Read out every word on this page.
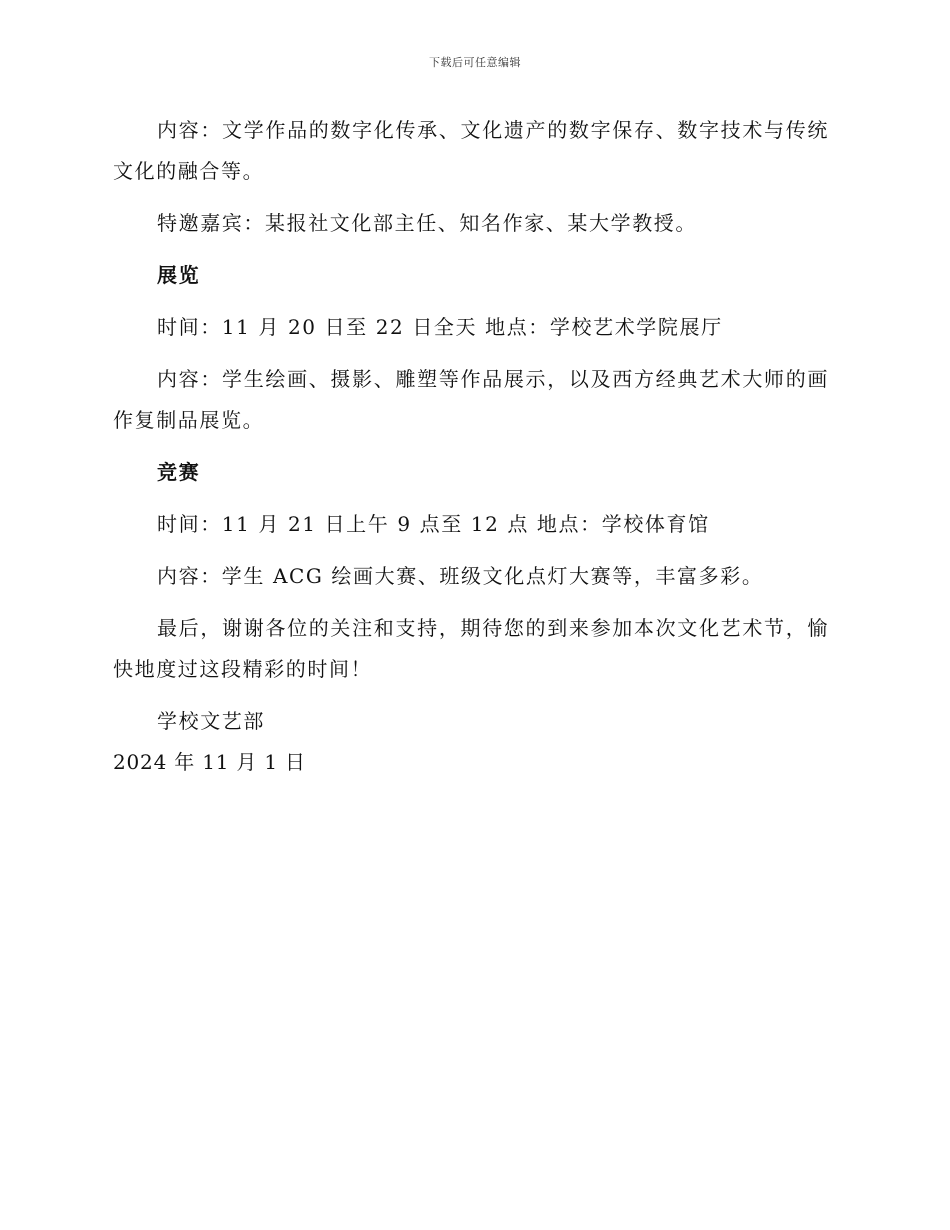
下载后可任意编辑

内容：文学作品的数字化传承、文化遗产的数字保存、数字技术与传统文化的融合等。

特邀嘉宾：某报社文化部主任、知名作家、某大学教授。

展览

时间：11 月 20 日至 22 日全天 地点：学校艺术学院展厅

内容：学生绘画、摄影、雕塑等作品展示，以及西方经典艺术大师的画作复制品展览。

竞赛

时间：11 月 21 日上午 9 点至 12 点 地点：学校体育馆

内容：学生 ACG 绘画大赛、班级文化点灯大赛等，丰富多彩。

最后，谢谢各位的关注和支持，期待您的到来参加本次文化艺术节，愉快地度过这段精彩的时间！

学校文艺部

2024 年 11 月 1 日
